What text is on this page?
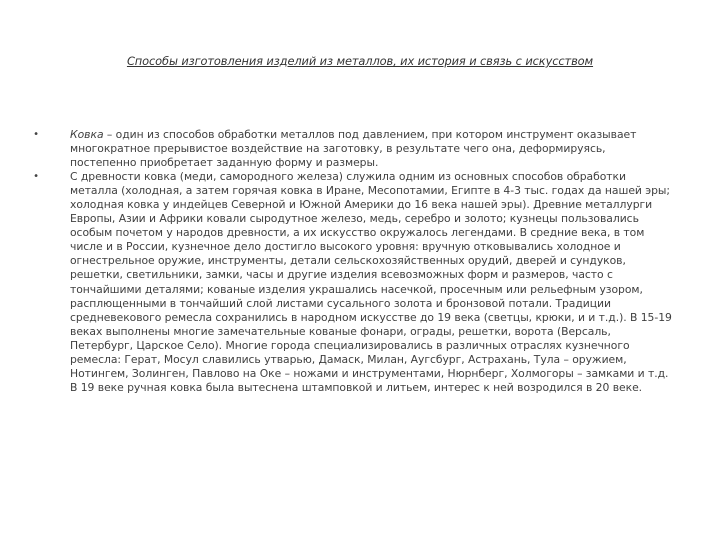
Способы изготовления изделий из металлов, их история и связь с искусством
•	Ковка – один из способов обработки металлов под давлением, при котором инструмент оказывает многократное прерывистое воздействие на заготовку, в результате чего она, деформируясь, постепенно приобретает заданную форму и размеры.
•	С древности ковка (меди, самородного железа) служила одним из основных способов обработки металла (холодная, а затем горячая ковка в Иране, Месопотамии, Египте в 4-3 тыс. годах да нашей эры; холодная ковка у индейцев Северной и Южной Америки до 16 века нашей эры). Древние металлурги Европы, Азии и Африки ковали сыродутное железо, медь, серебро и золото; кузнецы пользовались особым почетом у народов древности, а их искусство окружалось легендами. В средние века, в том числе и в России, кузнечное дело достигло высокого уровня: вручную отковывались холодное и огнестрельное оружие, инструменты, детали сельскохозяйственных орудий, дверей и сундуков, решетки, светильники, замки, часы и другие изделия всевозможных форм и размеров, часто с тончайшими деталями; кованые изделия украшались насечкой, просечным или рельефным узором, расплющенными в тончайший слой листами сусального золота и бронзовой потали. Традиции средневекового ремесла сохранились в народном искусстве до 19 века (светцы, крюки, и и т.д.). В 15-19 веках выполнены многие замечательные кованые фонари, ограды, решетки, ворота (Версаль, Петербург, Царское Село). Многие города специализировались в различных отраслях кузнечного ремесла: Герат, Мосул славились утварью, Дамаск, Милан, Аугсбург, Астрахань, Тула – оружием, Нотингем, Золинген, Павлово на Оке – ножами и инструментами, Нюрнберг, Холмогоры – замками и т.д. В 19 веке ручная ковка была вытеснена штамповкой и литьем, интерес к ней возродился в 20 веке.
